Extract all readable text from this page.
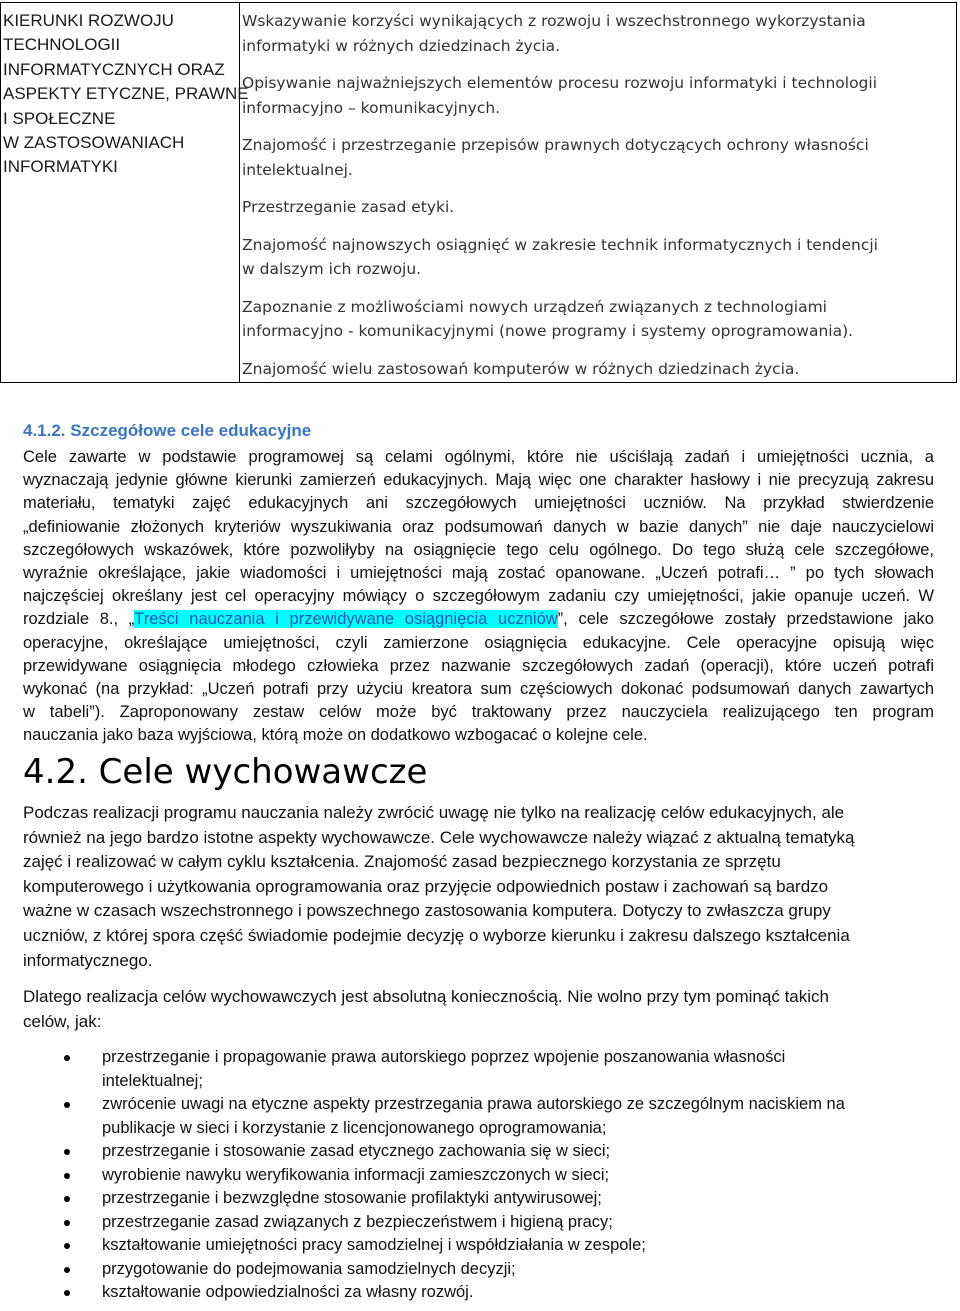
KIERUNKI ROZWOJU
TECHNOLOGII
INFORMATYCZNYCH ORAZ
ASPEKTY ETYCZNE, PRAWNE
I SPOŁECZNE
W ZASTOSOWANIACH
INFORMATYKI

Wskazywanie korzyści wynikających z rozwoju i wszechstronnego wykorzystania
informatyki w różnych dziedzinach życia.

Opisywanie najważniejszych elementów procesu rozwoju informatyki i technologii
informacyjno – komunikacyjnych.

Znajomość i przestrzeganie przepisów prawnych dotyczących ochrony własności
intelektualnej.

Przestrzeganie zasad etyki.

Znajomość najnowszych osiągnięć w zakresie technik informatycznych i tendencji
w dalszym ich rozwoju.

Zapoznanie z możliwościami nowych urządzeń związanych z technologiami
informacyjno - komunikacyjnymi (nowe programy i systemy oprogramowania).

Znajomość wielu zastosowań komputerów w różnych dziedzinach życia.

4.1.2. Szczegółowe cele edukacyjne
Cele zawarte w podstawie programowej są celami ogólnymi, które nie uściślają zadań i umiejętności ucznia, a
wyznaczają jedynie główne kierunki zamierzeń edukacyjnych. Mają więc one charakter hasłowy i nie precyzują zakresu
materiału, tematyki zajęć edukacyjnych ani szczegółowych umiejętności uczniów. Na przykład stwierdzenie
„definiowanie złożonych kryteriów wyszukiwania oraz podsumowań danych w bazie danych” nie daje nauczycielowi
szczegółowych wskazówek, które pozwoliłyby na osiągnięcie tego celu ogólnego. Do tego służą cele szczegółowe,
wyraźnie określające, jakie wiadomości i umiejętności mają zostać opanowane. „Uczeń potrafi… ” po tych słowach
najczęściej określany jest cel operacyjny mówiący o szczegółowym zadaniu czy umiejętności, jakie opanuje uczeń. W
rozdziale 8., „Treści nauczania i przewidywane osiągnięcia uczniów”, cele szczegółowe zostały przedstawione jako
operacyjne, określające umiejętności, czyli zamierzone osiągnięcia edukacyjne. Cele operacyjne opisują więc
przewidywane osiągnięcia młodego człowieka przez nazwanie szczegółowych zadań (operacji), które uczeń potrafi
wykonać (na przykład: „Uczeń potrafi przy użyciu kreatora sum częściowych dokonać podsumowań danych zawartych
w tabeli”). Zaproponowany zestaw celów może być traktowany przez nauczyciela realizującego ten program
nauczania jako baza wyjściowa, którą może on dodatkowo wzbogacać o kolejne cele.
4.2. Cele wychowawcze
Podczas realizacji programu nauczania należy zwrócić uwagę nie tylko na realizację celów edukacyjnych, ale
również na jego bardzo istotne aspekty wychowawcze. Cele wychowawcze należy wiązać z aktualną tematyką
zajęć i realizować w całym cyklu kształcenia. Znajomość zasad bezpiecznego korzystania ze sprzętu
komputerowego i użytkowania oprogramowania oraz przyjęcie odpowiednich postaw i zachowań są bardzo
ważne w czasach wszechstronnego i powszechnego zastosowania komputera. Dotyczy to zwłaszcza grupy
uczniów, z której spora część świadomie podejmie decyzję o wyborze kierunku i zakresu dalszego kształcenia
informatycznego.
Dlatego realizacja celów wychowawczych jest absolutną koniecznością. Nie wolno przy tym pominąć takich
celów, jak:
przestrzeganie i propagowanie prawa autorskiego poprzez wpojenie poszanowania własności
intelektualnej;
zwrócenie uwagi na etyczne aspekty przestrzegania prawa autorskiego ze szczególnym naciskiem na
publikacje w sieci i korzystanie z licencjonowanego oprogramowania;
przestrzeganie i stosowanie zasad etycznego zachowania się w sieci;
wyrobienie nawyku weryfikowania informacji zamieszczonych w sieci;
przestrzeganie i bezwzględne stosowanie profilaktyki antywirusowej;
przestrzeganie zasad związanych z bezpieczeństwem i higieną pracy;
kształtowanie umiejętności pracy samodzielnej i współdziałania w zespole;
przygotowanie do podejmowania samodzielnych decyzji;
kształtowanie odpowiedzialności za własny rozwój.
